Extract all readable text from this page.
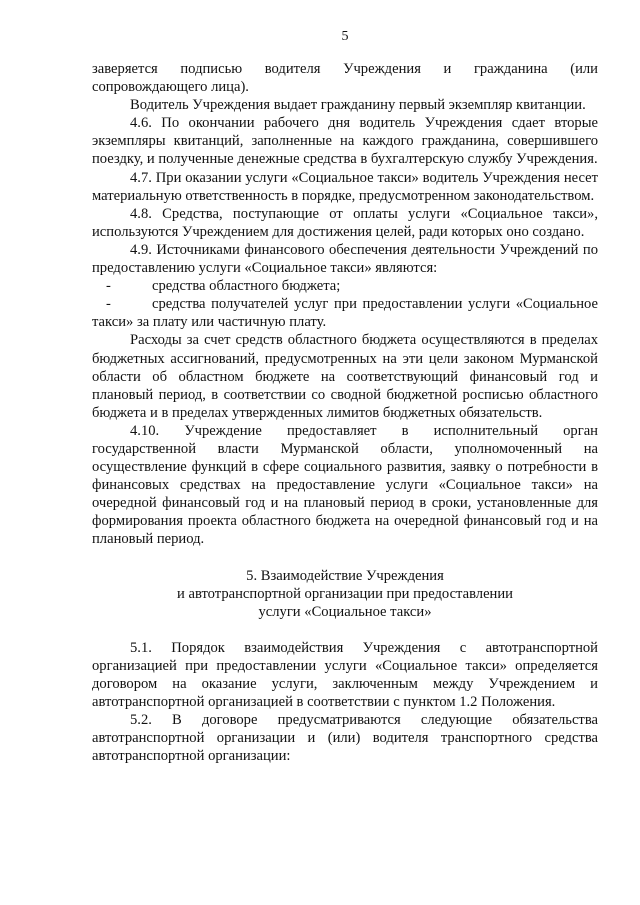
5

заверяется подписью водителя Учреждения и гражданина (или сопровождающего лица).

Водитель Учреждения выдает гражданину первый экземпляр квитанции.

4.6. По окончании рабочего дня водитель Учреждения сдает вторые экземпляры квитанций, заполненные на каждого гражданина, совершившего поездку, и полученные денежные средства в бухгалтерскую службу Учреждения.

4.7. При оказании услуги «Социальное такси» водитель Учреждения несет материальную ответственность в порядке, предусмотренном законодательством.

4.8. Средства, поступающие от оплаты услуги «Социальное такси», используются Учреждением для достижения целей, ради которых оно создано.

4.9. Источниками финансового обеспечения деятельности Учреждений по предоставлению услуги «Социальное такси» являются:

-	средства областного бюджета;

-	средства получателей услуг при предоставлении услуги «Социальное такси» за плату или частичную плату.

Расходы за счет средств областного бюджета осуществляются в пределах бюджетных ассигнований, предусмотренных на эти цели законом Мурманской области об областном бюджете на соответствующий финансовый год и плановый период, в соответствии со сводной бюджетной росписью областного бюджета и в пределах утвержденных лимитов бюджетных обязательств.

4.10. Учреждение предоставляет в исполнительный орган государственной власти Мурманской области, уполномоченный на осуществление функций в сфере социального развития, заявку о потребности в финансовых средствах на предоставление услуги «Социальное такси» на очередной финансовый год и на плановый период в сроки, установленные для формирования проекта областного бюджета на очередной финансовый год и на плановый период.

5. Взаимодействие Учреждения
и автотранспортной организации при предоставлении
услуги «Социальное такси»

5.1. Порядок взаимодействия Учреждения с автотранспортной организацией при предоставлении услуги «Социальное такси» определяется договором на оказание услуги, заключенным между Учреждением и автотранспортной организацией в соответствии с пунктом 1.2 Положения.

5.2. В договоре предусматриваются следующие обязательства автотранспортной организации и (или) водителя транспортного средства автотранспортной организации:
